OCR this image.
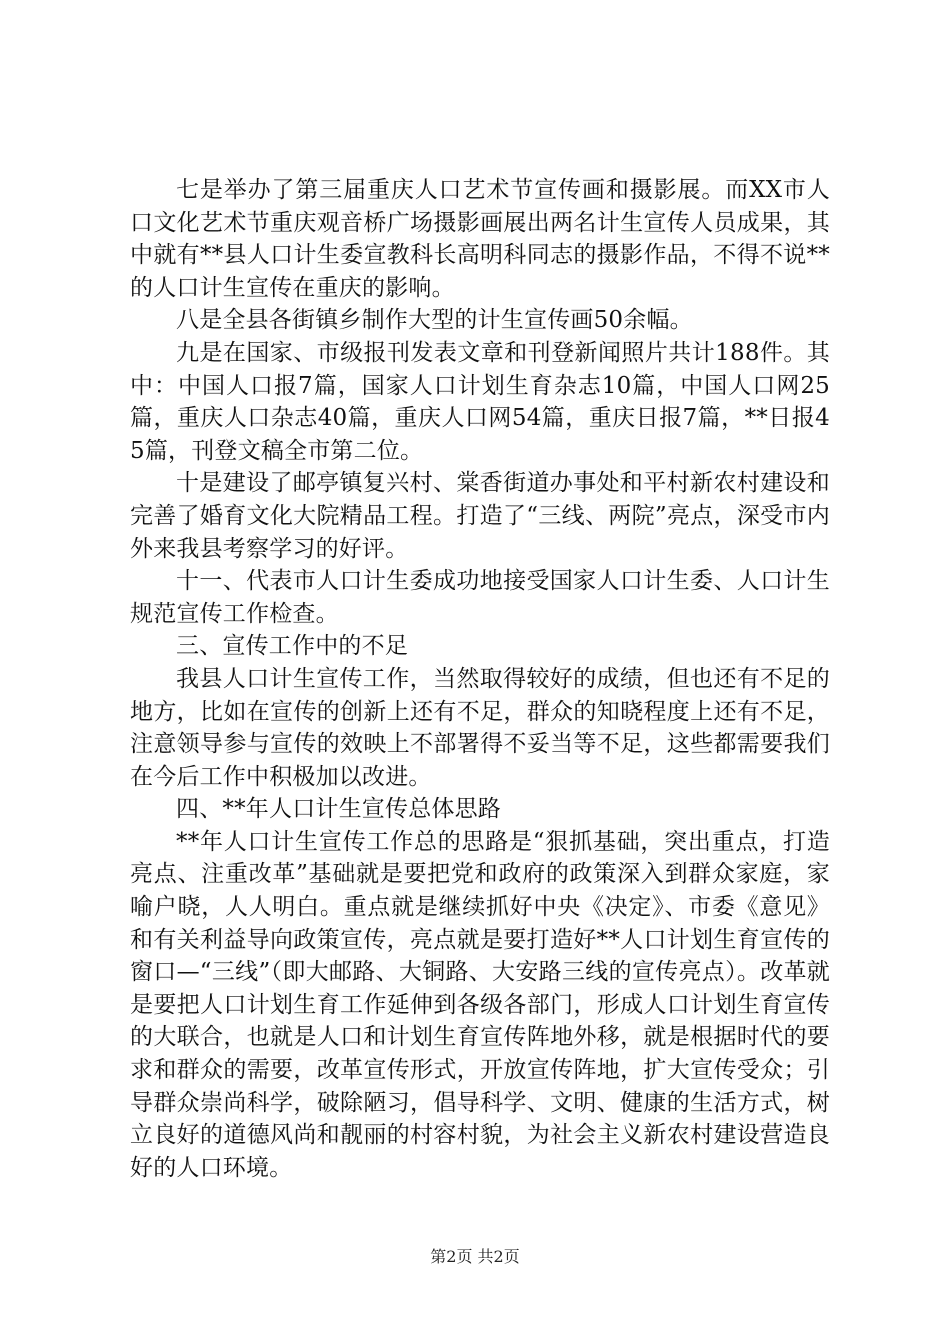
七是举办了第三届重庆人口艺术节宣传画和摄影展。而XX市人口文化艺术节重庆观音桥广场摄影画展出两名计生宣传人员成果，其中就有**县人口计生委宣教科长高明科同志的摄影作品，不得不说**的人口计生宣传在重庆的影响。

八是全县各街镇乡制作大型的计生宣传画50余幅。

九是在国家、市级报刊发表文章和刊登新闻照片共计188件。其中：中国人口报7篇，国家人口计划生育杂志10篇，中国人口网25篇，重庆人口杂志40篇，重庆人口网54篇，重庆日报7篇，**日报45篇，刊登文稿全市第二位。

十是建设了邮亭镇复兴村、棠香街道办事处和平村新农村建设和完善了婚育文化大院精品工程。打造了“三线、两院”亮点，深受市内外来我县考察学习的好评。

十一、代表市人口计生委成功地接受国家人口计生委、人口计生规范宣传工作检查。

三、宣传工作中的不足

我县人口计生宣传工作，当然取得较好的成绩，但也还有不足的地方，比如在宣传的创新上还有不足，群众的知晓程度上还有不足，注意领导参与宣传的效映上不部署得不妥当等不足，这些都需要我们在今后工作中积极加以改进。

四、**年人口计生宣传总体思路

**年人口计生宣传工作总的思路是“狠抓基础，突出重点，打造亮点、注重改革”基础就是要把党和政府的政策深入到群众家庭，家喻户晓，人人明白。重点就是继续抓好中央《决定》、市委《意见》和有关利益导向政策宣传，亮点就是要打造好**人口计划生育宣传的窗口—“三线”（即大邮路、大铜路、大安路三线的宣传亮点）。改革就是要把人口计划生育工作延伸到各级各部门，形成人口计划生育宣传的大联合，也就是人口和计划生育宣传阵地外移，就是根据时代的要求和群众的需要，改革宣传形式，开放宣传阵地，扩大宣传受众；引导群众崇尚科学，破除陋习，倡导科学、文明、健康的生活方式，树立良好的道德风尚和靓丽的村容村貌，为社会主义新农村建设营造良好的人口环境。

第2页 共2页
